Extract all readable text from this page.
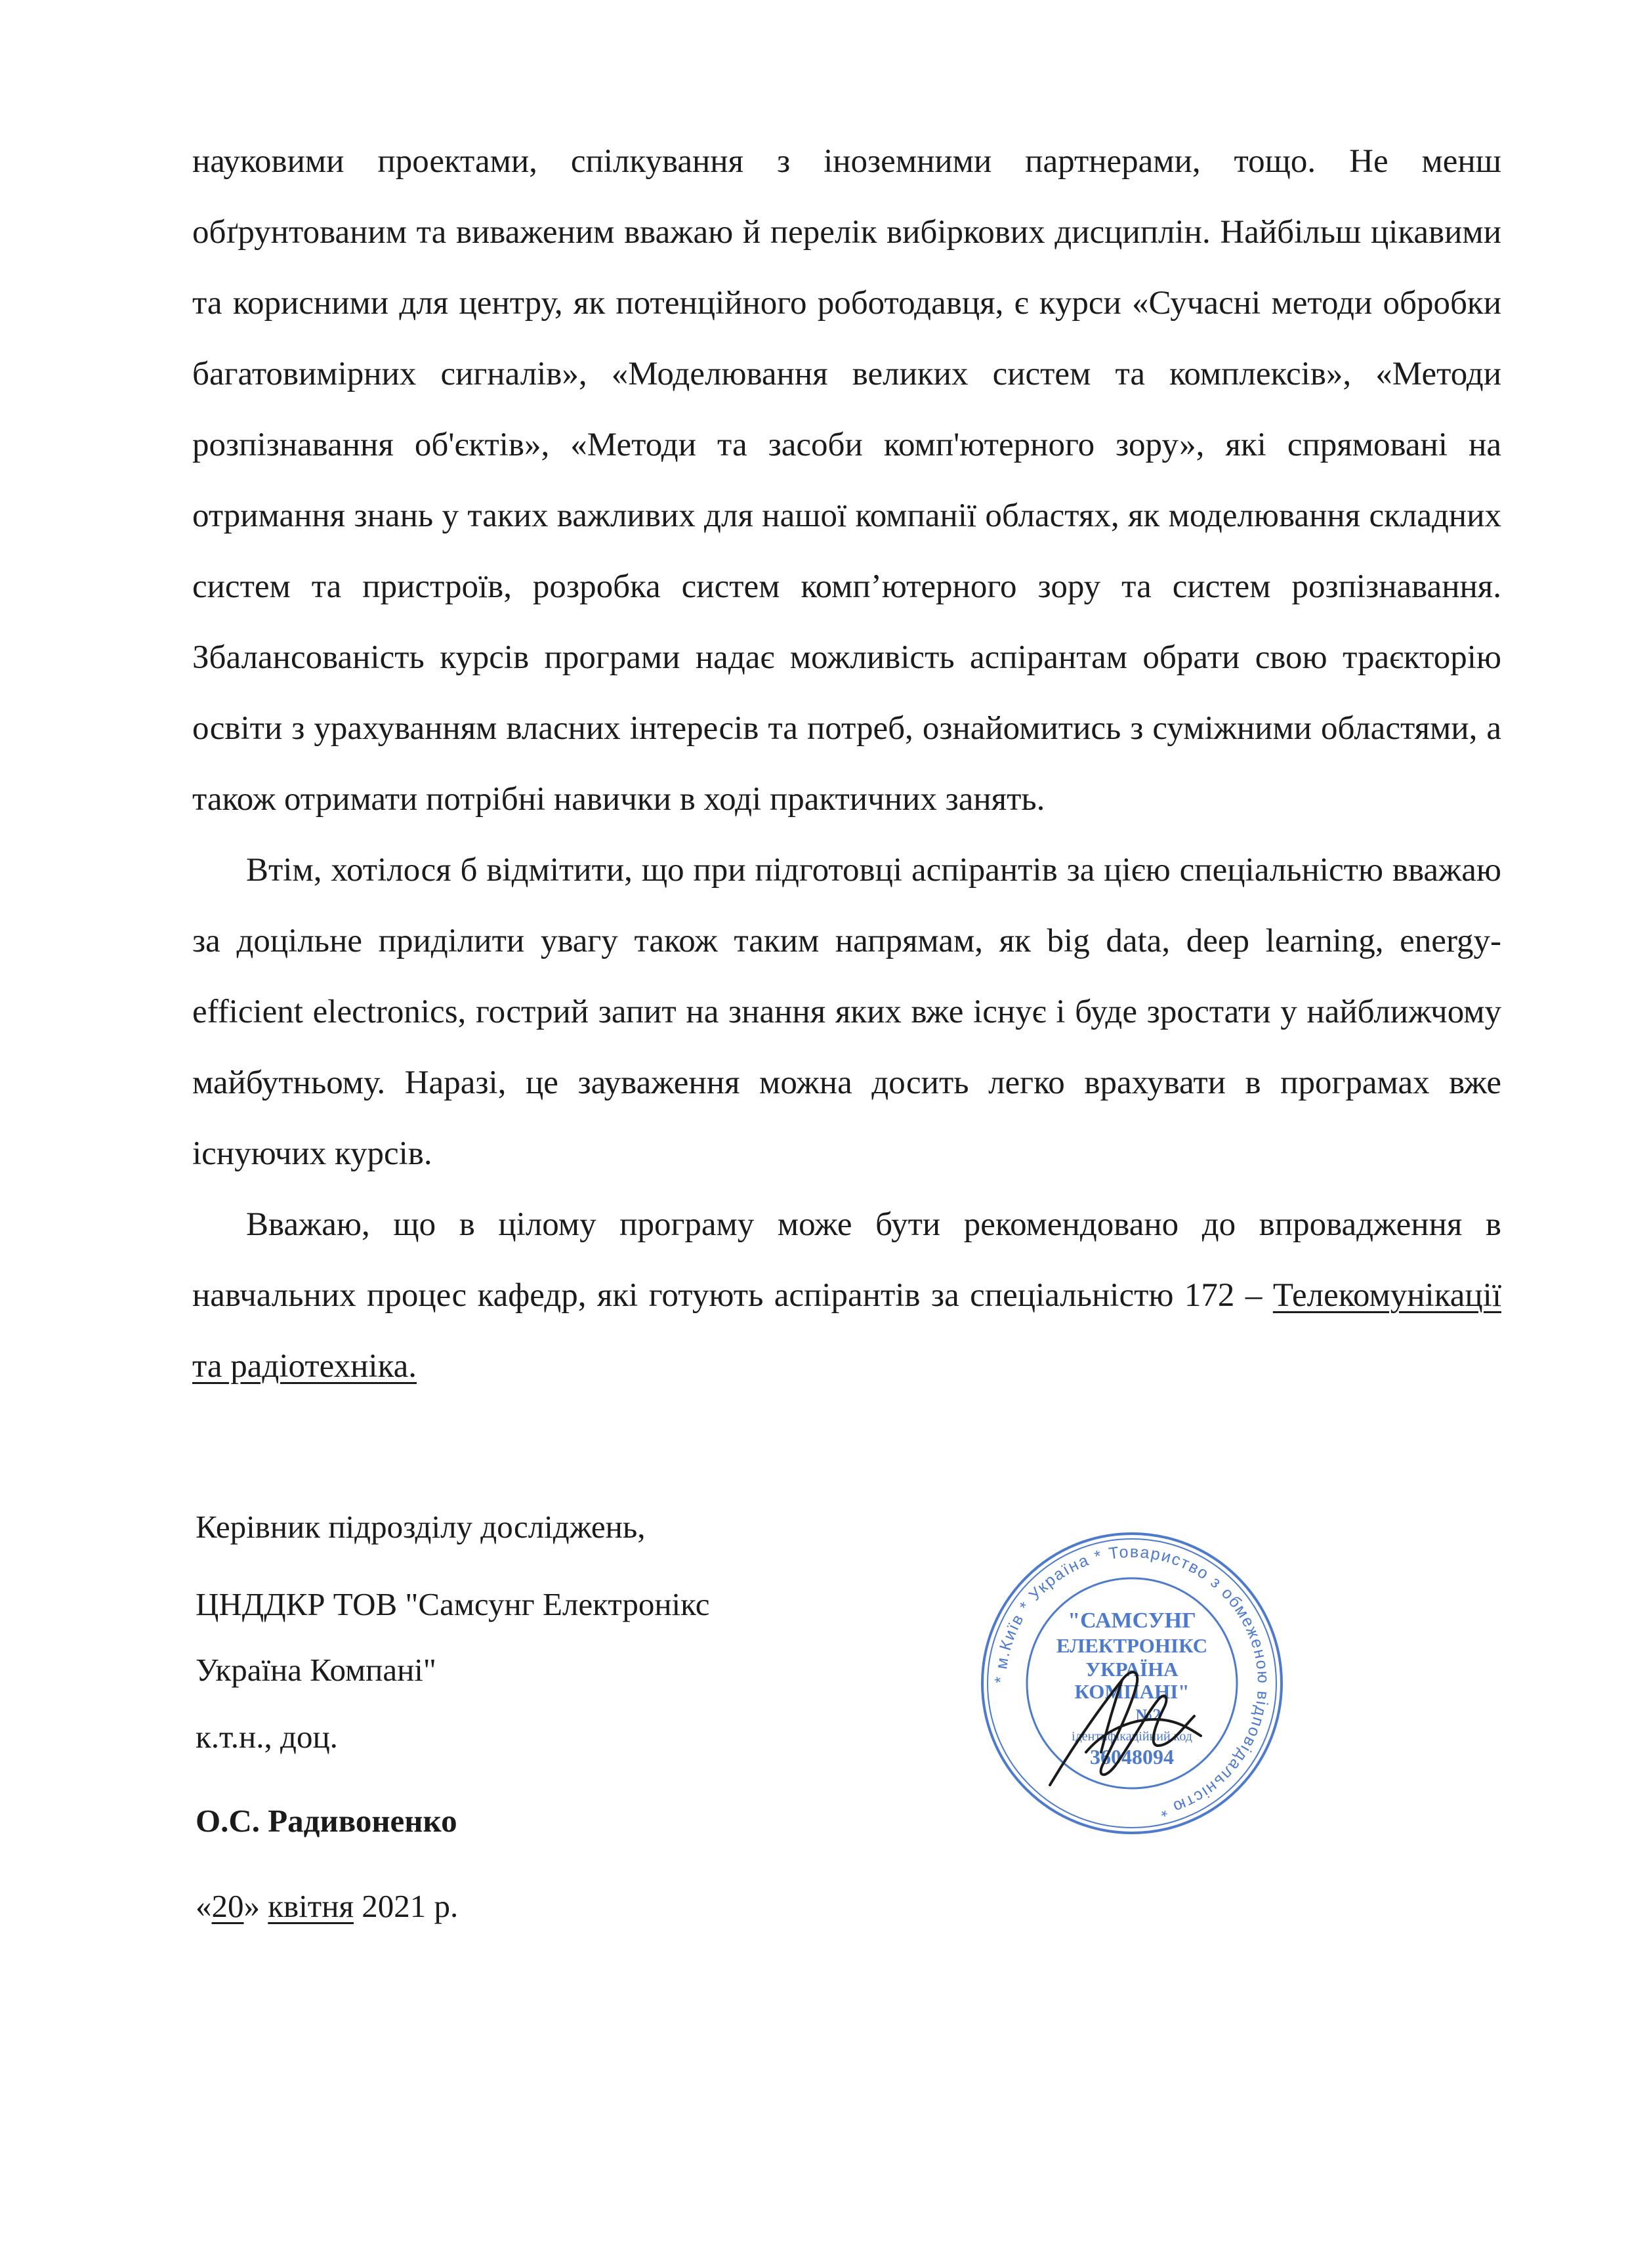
науковими проектами, спілкування з іноземними партнерами, тощо. Не менш обґрунтованим та виваженим вважаю й перелік вибіркових дисциплін. Найбільш цікавими та корисними для центру, як потенційного роботодавця, є курси «Сучасні методи обробки багатовимірних сигналів», «Моделювання великих систем та комплексів», «Методи розпізнавання об'єктів», «Методи та засоби комп'ютерного зору», які спрямовані на отримання знань у таких важливих для нашої компанії областях, як моделювання складних систем та пристроїв, розробка систем комп’ютерного зору та систем розпізнавання. Збалансованість курсів програми надає можливість аспірантам обрати свою траєкторію освіти з урахуванням власних інтересів та потреб, ознайомитись з суміжними областями, а також отримати потрібні навички в ході практичних занять.

Втім, хотілося б відмітити, що при підготовці аспірантів за цією спеціальністю вважаю за доцільне приділити увагу також таким напрямам, як big data, deep learning, energy-efficient electronics, гострий запит на знання яких вже існує і буде зростати у найближчому майбутньому. Наразі, це зауваження можна досить легко врахувати в програмах вже існуючих курсів.

Вважаю, що в цілому програму може бути рекомендовано до впровадження в навчальних процес кафедр, які готують аспірантів за спеціальністю 172 – Телекомунікації та радіотехніка.

Керівник підрозділу досліджень,
ЦНДДКР ТОВ "Самсунг Електронікс
Україна Компані"
к.т.н., доц.
О.С. Радивоненко
«20» квітня 2021 р.
* м.Київ * Україна * Товариство з обмеженою відповідальністю *
"САМСУНГ
ЕЛЕКТРОНІКС
УКРАЇНА
КОМПАНІ"
№2
ідентифікаційний код
36048094
